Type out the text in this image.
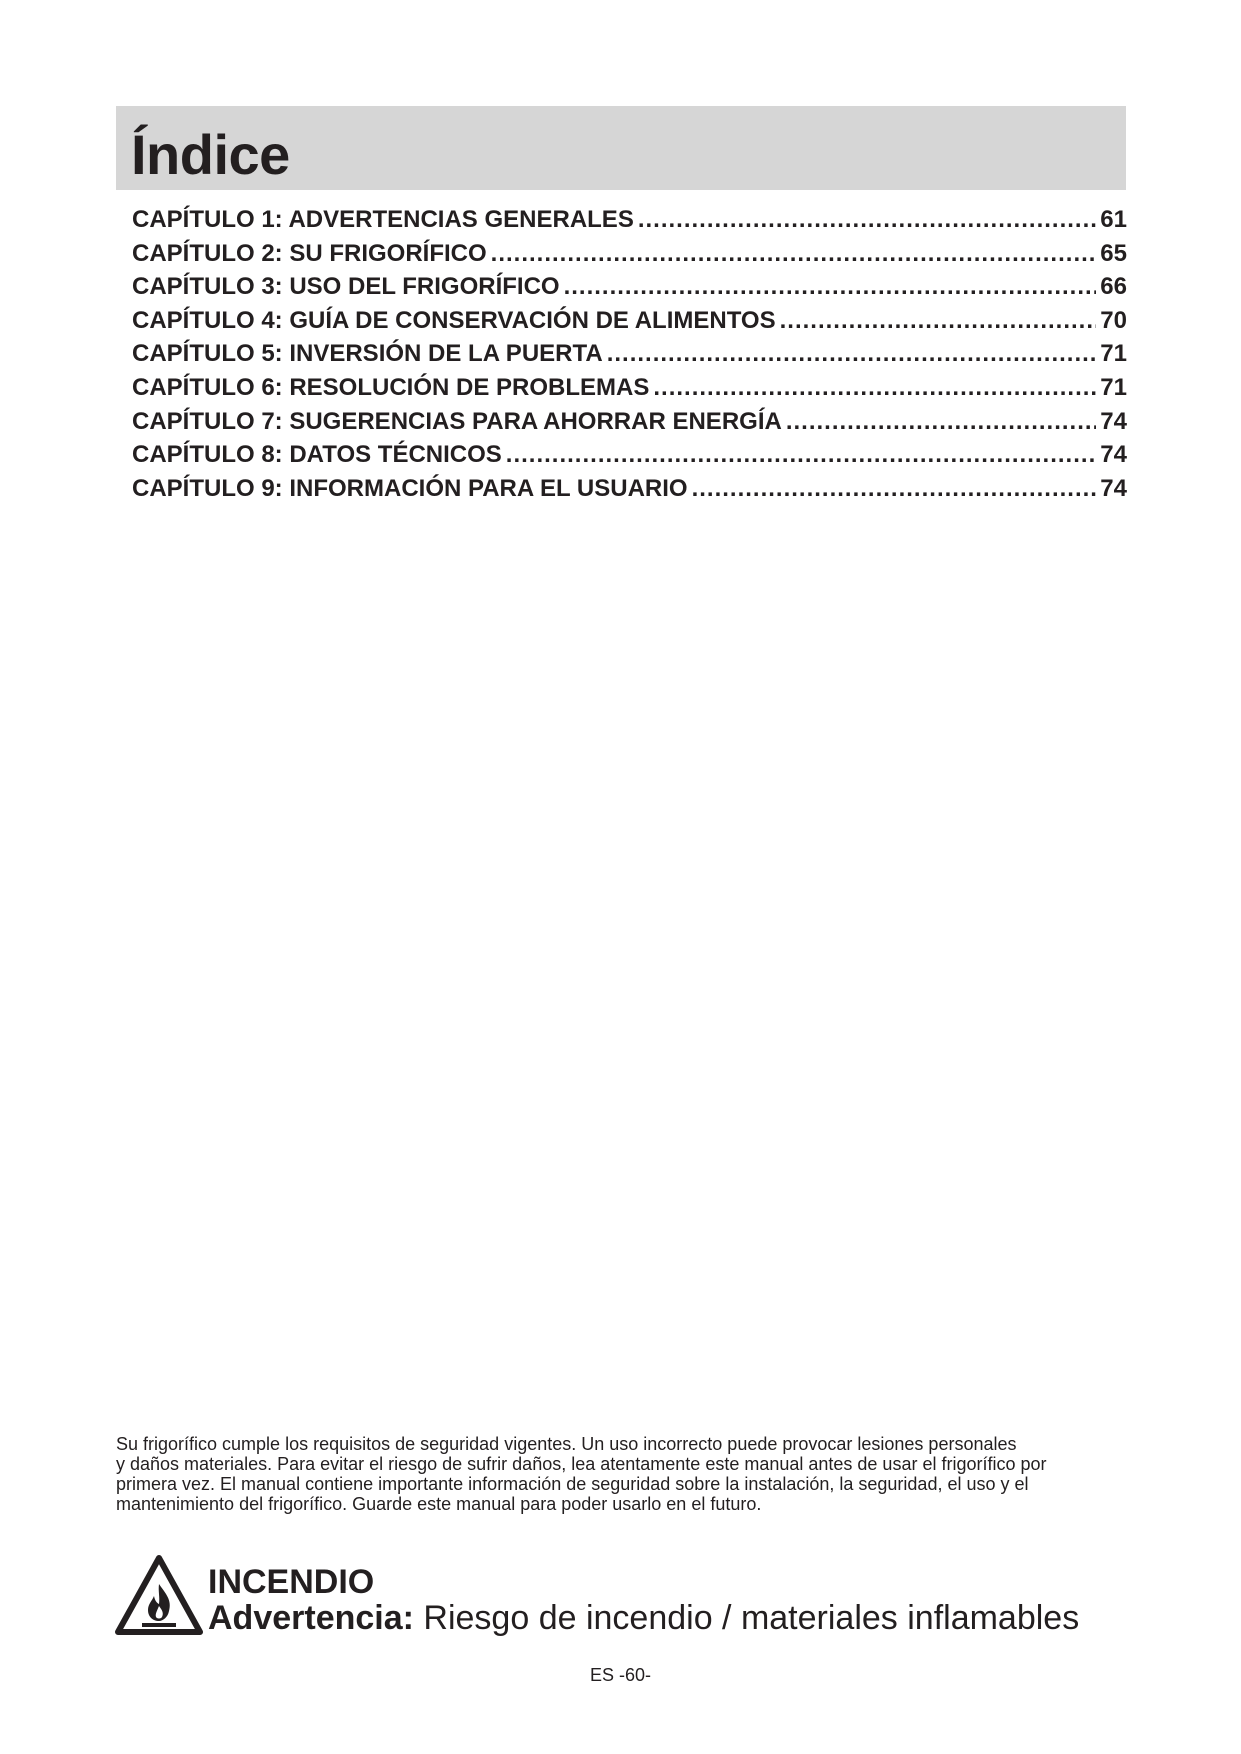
Índice
CAPÍTULO 1: ADVERTENCIAS GENERALES .....	61
CAPÍTULO 2: SU FRIGORÍFICO .....	65
CAPÍTULO 3: USO DEL FRIGORÍFICO .....	66
CAPÍTULO 4: GUÍA DE CONSERVACIÓN DE ALIMENTOS .....	70
CAPÍTULO 5: INVERSIÓN DE LA PUERTA .....	71
CAPÍTULO 6: RESOLUCIÓN DE PROBLEMAS .....	71
CAPÍTULO 7: SUGERENCIAS PARA AHORRAR ENERGÍA .....	74
CAPÍTULO 8: DATOS TÉCNICOS .....	74
CAPÍTULO 9: INFORMACIÓN PARA EL USUARIO .....	74

Su frigorífico cumple los requisitos de seguridad vigentes. Un uso incorrecto puede provocar lesiones personales
y daños materiales. Para evitar el riesgo de sufrir daños, lea atentamente este manual antes de usar el frigorífico por
primera vez. El manual contiene importante información de seguridad sobre la instalación, la seguridad, el uso y el
mantenimiento del frigorífico. Guarde este manual para poder usarlo en el futuro.

INCENDIO

Advertencia: Riesgo de incendio / materiales inflamables

ES -60-
